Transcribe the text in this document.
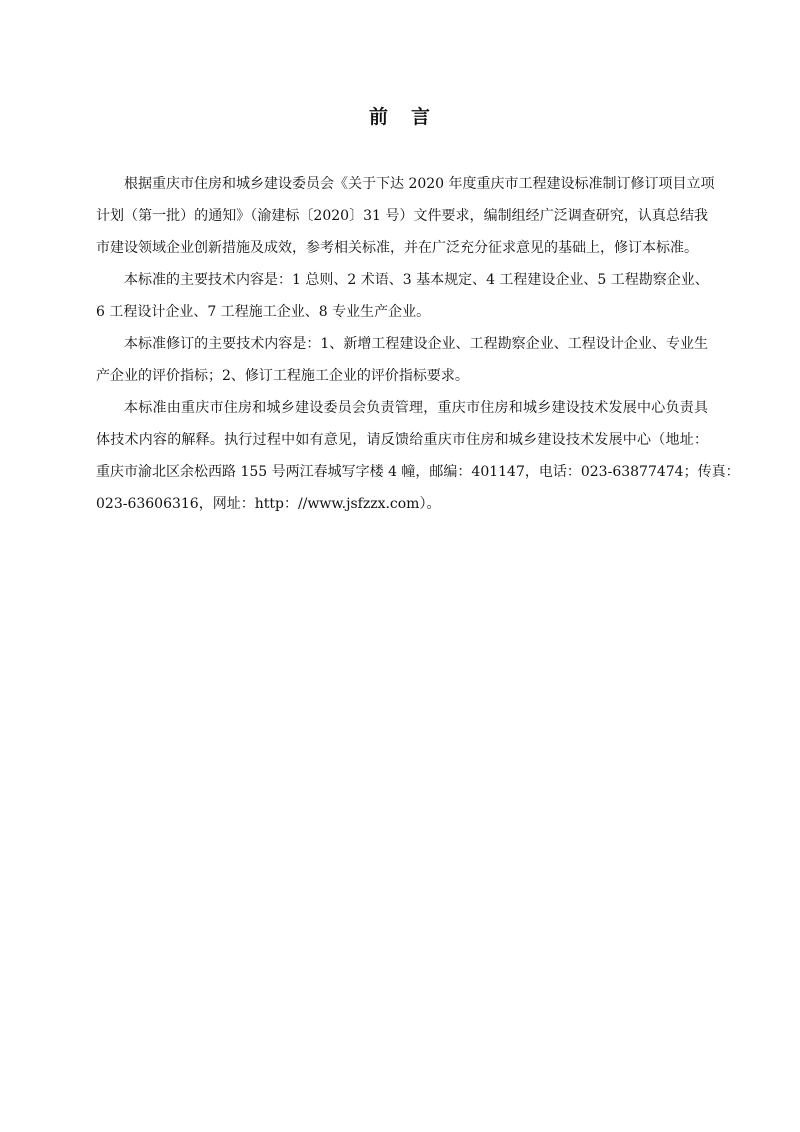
前 言
根据重庆市住房和城乡建设委员会《关于下达 2020 年度重庆市工程建设标准制订修订项目立项
计划（第一批）的通知》（渝建标〔2020〕31 号）文件要求，编制组经广泛调查研究，认真总结我
市建设领域企业创新措施及成效，参考相关标准，并在广泛充分征求意见的基础上，修订本标准。
本标准的主要技术内容是：1 总则、2 术语、3 基本规定、4 工程建设企业、5 工程勘察企业、
6 工程设计企业、7 工程施工企业、8 专业生产企业。
本标准修订的主要技术内容是：1、新增工程建设企业、工程勘察企业、工程设计企业、专业生
产企业的评价指标；2、修订工程施工企业的评价指标要求。
本标准由重庆市住房和城乡建设委员会负责管理，重庆市住房和城乡建设技术发展中心负责具
体技术内容的解释。执行过程中如有意见，请反馈给重庆市住房和城乡建设技术发展中心（地址：
重庆市渝北区余松西路 155 号两江春城写字楼 4 幢，邮编：401147，电话：023-63877474；传真：
023-63606316，网址：http：//www.jsfzzx.com）。
